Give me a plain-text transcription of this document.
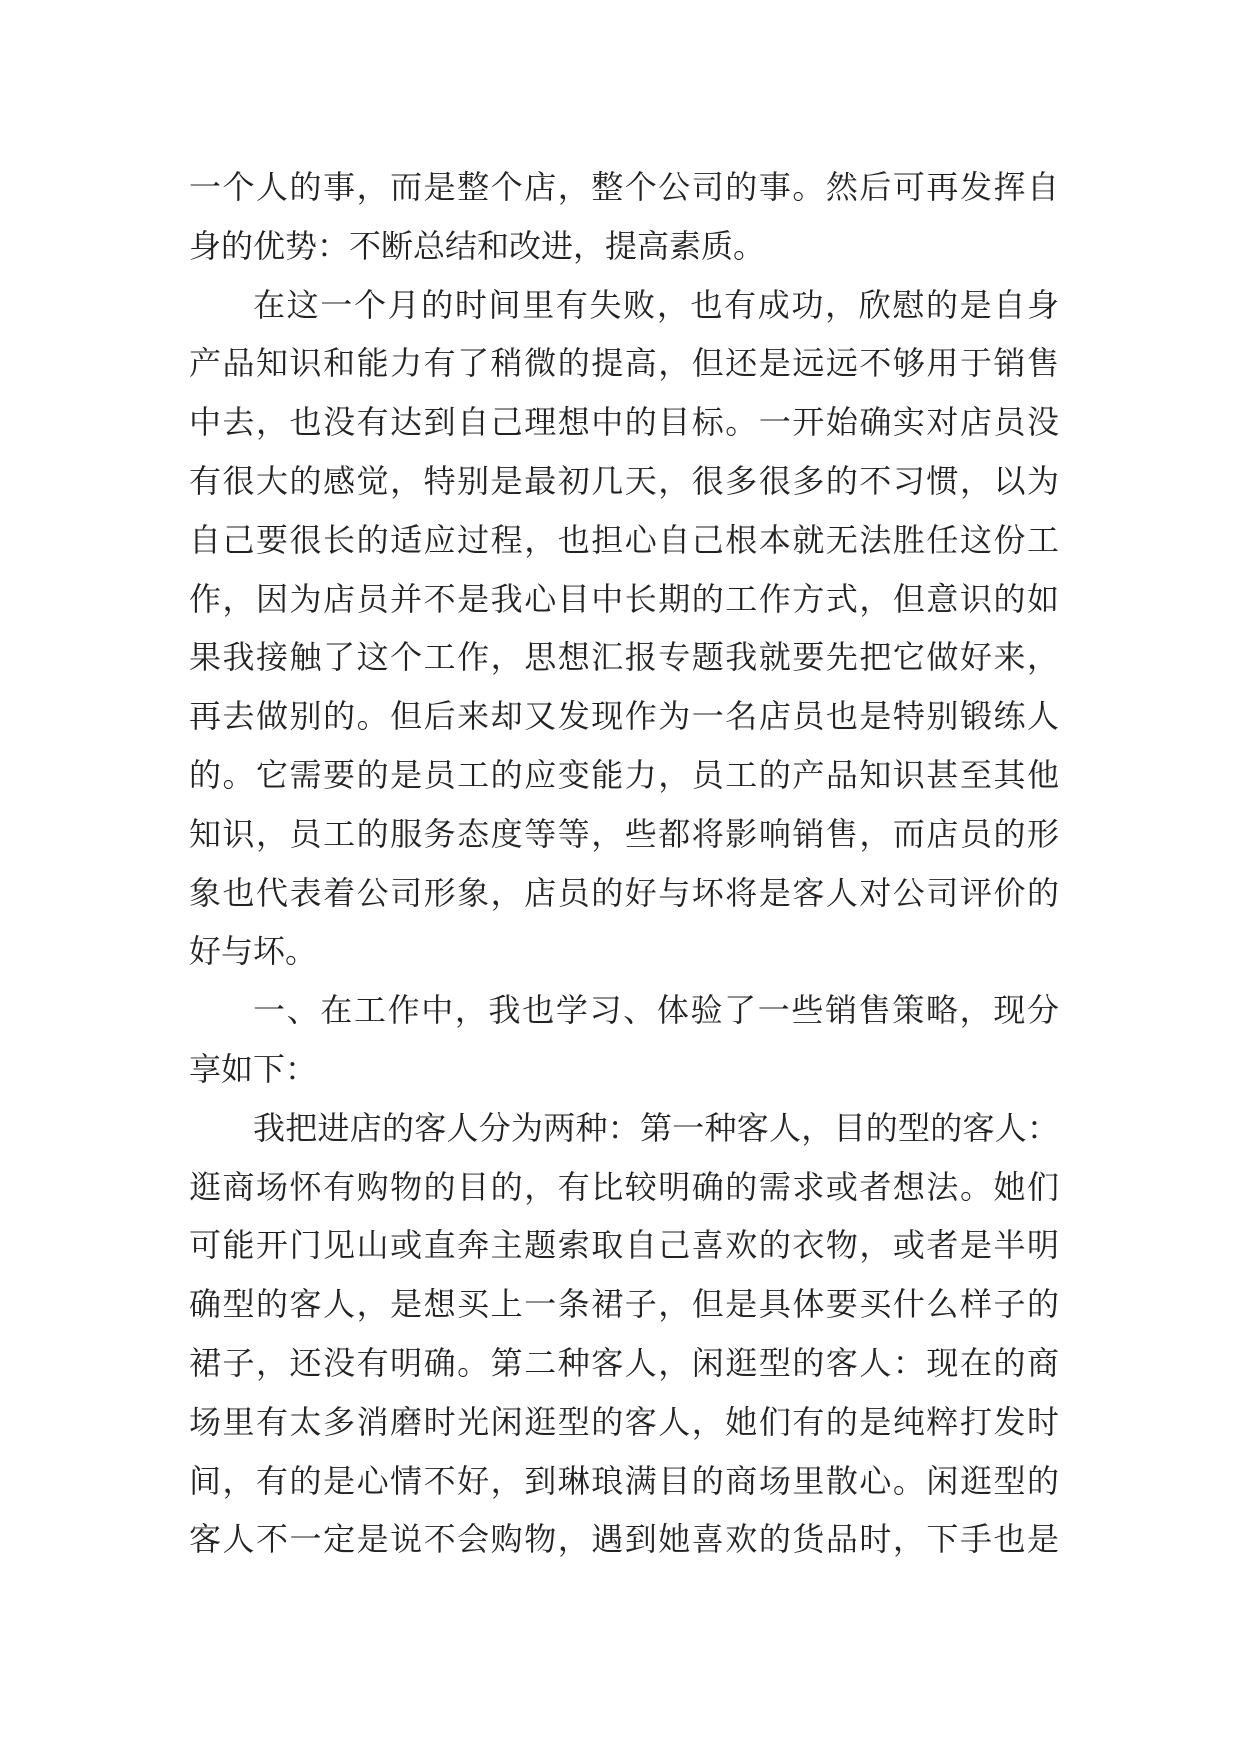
一个人的事，而是整个店，整个公司的事。然后可再发挥自
身的优势：不断总结和改进，提高素质。
在这一个月的时间里有失败，也有成功，欣慰的是自身
产品知识和能力有了稍微的提高，但还是远远不够用于销售
中去，也没有达到自己理想中的目标。一开始确实对店员没
有很大的感觉，特别是最初几天，很多很多的不习惯，以为
自己要很长的适应过程，也担心自己根本就无法胜任这份工
作，因为店员并不是我心目中长期的工作方式，但意识的如
果我接触了这个工作，思想汇报专题我就要先把它做好来，
再去做别的。但后来却又发现作为一名店员也是特别锻练人
的。它需要的是员工的应变能力，员工的产品知识甚至其他
知识，员工的服务态度等等，些都将影响销售，而店员的形
象也代表着公司形象，店员的好与坏将是客人对公司评价的
好与坏。
一、在工作中，我也学习、体验了一些销售策略，现分
享如下：
我把进店的客人分为两种：第一种客人，目的型的客人：
逛商场怀有购物的目的，有比较明确的需求或者想法。她们
可能开门见山或直奔主题索取自己喜欢的衣物，或者是半明
确型的客人，是想买上一条裙子，但是具体要买什么样子的
裙子，还没有明确。第二种客人，闲逛型的客人：现在的商
场里有太多消磨时光闲逛型的客人，她们有的是纯粹打发时
间，有的是心情不好，到琳琅满目的商场里散心。闲逛型的
客人不一定是说不会购物，遇到她喜欢的货品时，下手也是
